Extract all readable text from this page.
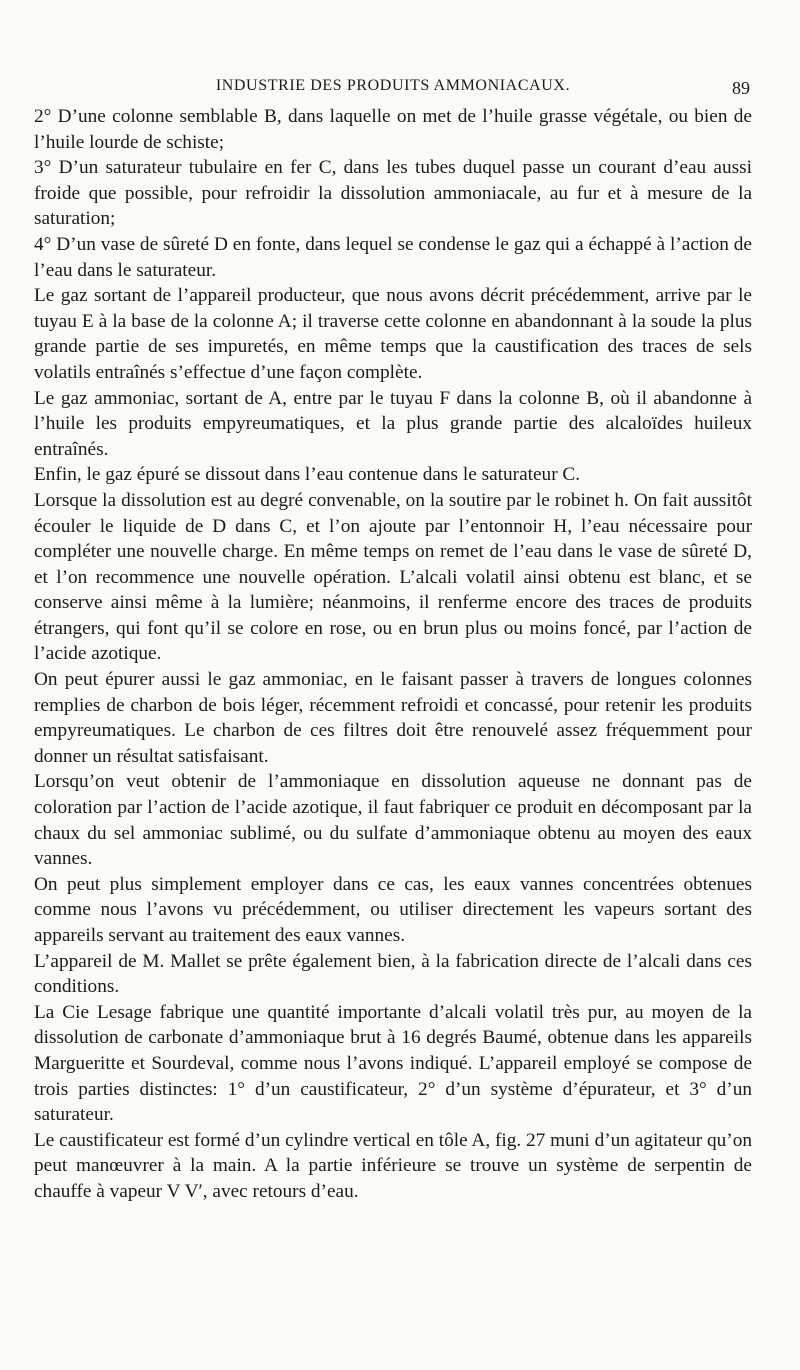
INDUSTRIE DES PRODUITS AMMONIACAUX.	89

2° D’une colonne semblable B, dans laquelle on met de l’huile grasse végétale, ou bien de l’huile lourde de schiste;

3° D’un saturateur tubulaire en fer C, dans les tubes duquel passe un courant d’eau aussi froide que possible, pour refroidir la dissolution ammoniacale, au fur et à mesure de la saturation;

4° D’un vase de sûreté D en fonte, dans lequel se condense le gaz qui a échappé à l’action de l’eau dans le saturateur.

Le gaz sortant de l’appareil producteur, que nous avons décrit précédemment, arrive par le tuyau E à la base de la colonne A; il traverse cette colonne en abandonnant à la soude la plus grande partie de ses impuretés, en même temps que la caustification des traces de sels volatils entraînés s’effectue d’une façon complète.

Le gaz ammoniac, sortant de A, entre par le tuyau F dans la colonne B, où il abandonne à l’huile les produits empyreumatiques, et la plus grande partie des alcaloïdes huileux entraînés.

Enfin, le gaz épuré se dissout dans l’eau contenue dans le saturateur C.

Lorsque la dissolution est au degré convenable, on la soutire par le robinet h. On fait aussitôt écouler le liquide de D dans C, et l’on ajoute par l’entonnoir H, l’eau nécessaire pour compléter une nouvelle charge. En même temps on remet de l’eau dans le vase de sûreté D, et l’on recommence une nouvelle opération. L’alcali volatil ainsi obtenu est blanc, et se conserve ainsi même à la lumière; néanmoins, il renferme encore des traces de produits étrangers, qui font qu’il se colore en rose, ou en brun plus ou moins foncé, par l’action de l’acide azotique.

On peut épurer aussi le gaz ammoniac, en le faisant passer à travers de longues colonnes remplies de charbon de bois léger, récemment refroidi et concassé, pour retenir les produits empyreumatiques. Le charbon de ces filtres doit être renouvelé assez fréquemment pour donner un résultat satisfaisant.

Lorsqu’on veut obtenir de l’ammoniaque en dissolution aqueuse ne donnant pas de coloration par l’action de l’acide azotique, il faut fabriquer ce produit en décomposant par la chaux du sel ammoniac sublimé, ou du sulfate d’ammoniaque obtenu au moyen des eaux vannes.

On peut plus simplement employer dans ce cas, les eaux vannes concentrées obtenues comme nous l’avons vu précédemment, ou utiliser directement les vapeurs sortant des appareils servant au traitement des eaux vannes.

L’appareil de M. Mallet se prête également bien, à la fabrication directe de l’alcali dans ces conditions.

La Cie Lesage fabrique une quantité importante d’alcali volatil très pur, au moyen de la dissolution de carbonate d’ammoniaque brut à 16 degrés Baumé, obtenue dans les appareils Margueritte et Sourdeval, comme nous l’avons indiqué. L’appareil employé se compose de trois parties distinctes: 1° d’un caustificateur, 2° d’un système d’épurateur, et 3° d’un saturateur.

Le caustificateur est formé d’un cylindre vertical en tôle A, fig. 27 muni d’un agitateur qu’on peut manœuvrer à la main. A la partie inférieure se trouve un système de serpentin de chauffe à vapeur V V′, avec retours d’eau.
